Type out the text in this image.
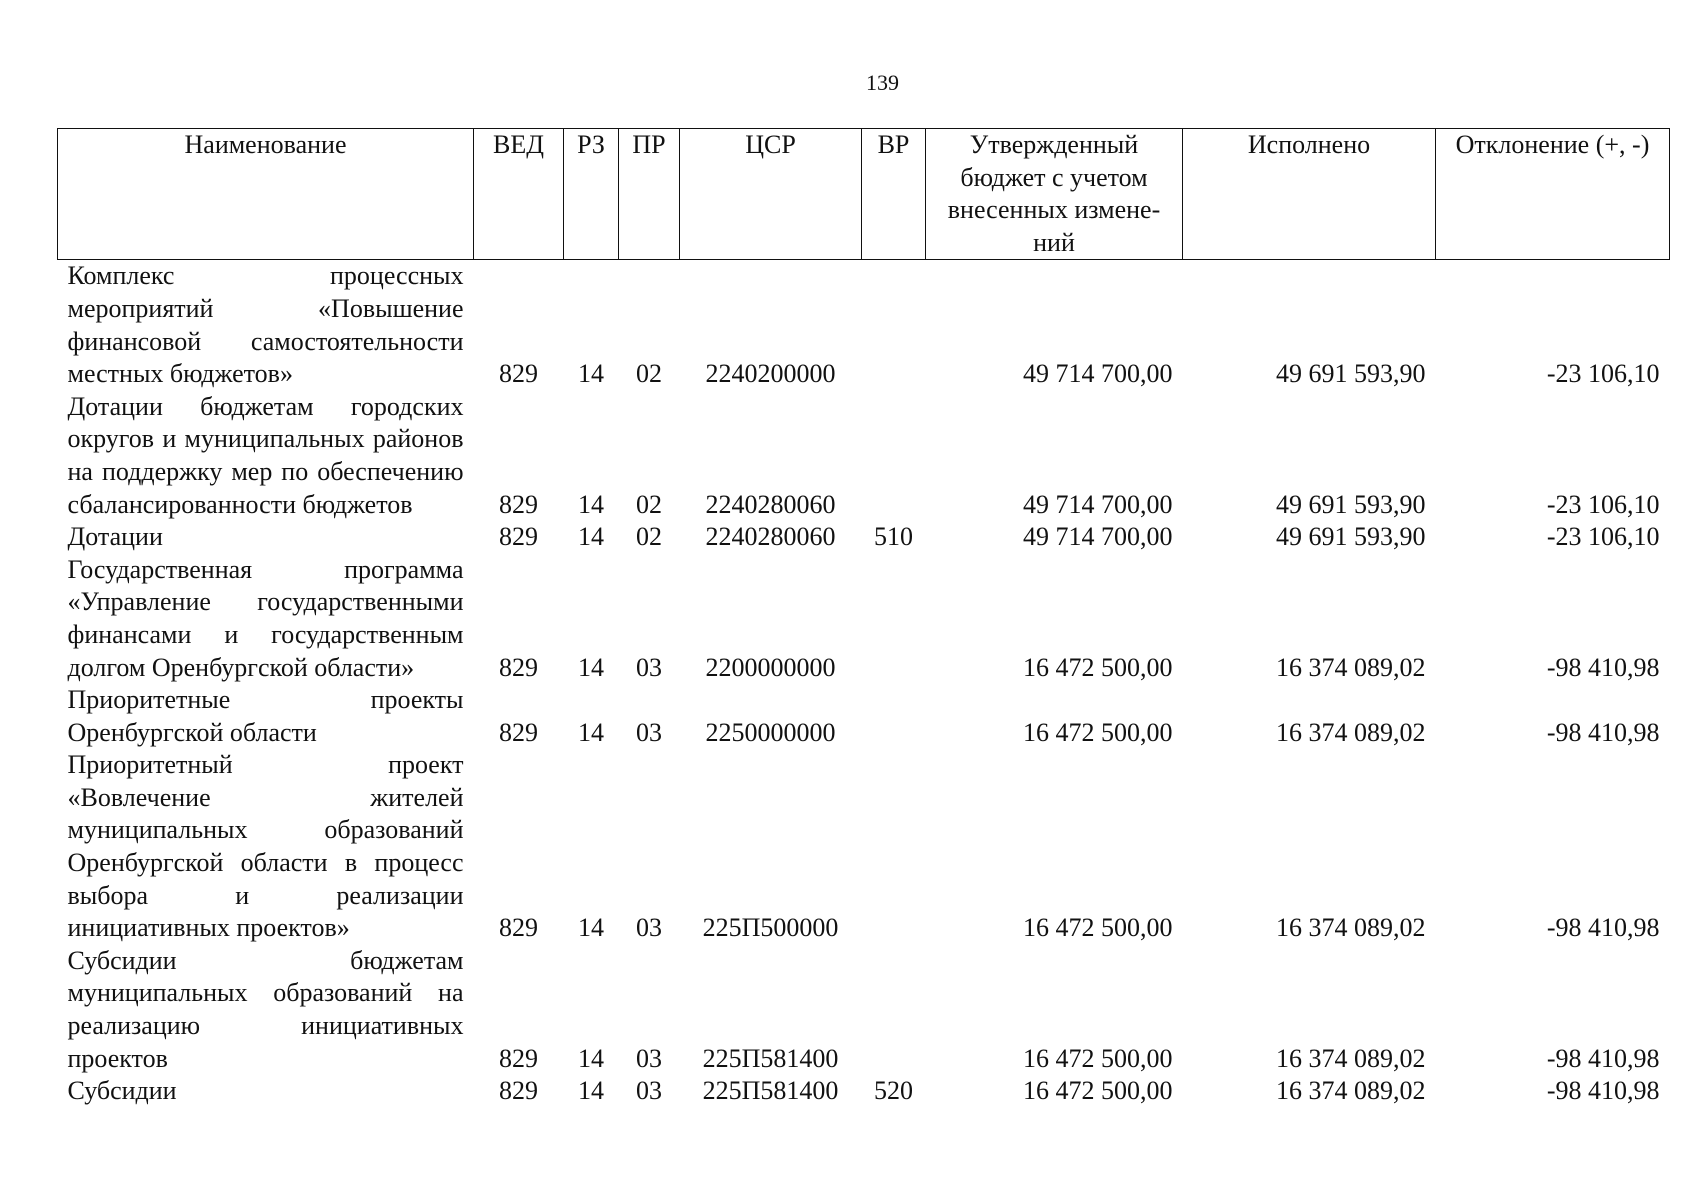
139
Наименование	ВЕД	РЗ	ПР	ЦСР	ВР	Утвержденный бюджет с учетом внесенных измене-ний	Исполнено	Отклонение (+, -)
Комплекс процессных мероприятий «Повышение финансовой самостоятельности местных бюджетов»	829	14	02	2240200000		49 714 700,00	49 691 593,90	-23 106,10
Дотации бюджетам городских округов и муниципальных районов на поддержку мер по обеспечению сбалансированности бюджетов	829	14	02	2240280060		49 714 700,00	49 691 593,90	-23 106,10
Дотации	829	14	02	2240280060	510	49 714 700,00	49 691 593,90	-23 106,10
Государственная программа «Управление государственными финансами и государственным долгом Оренбургской области»	829	14	03	2200000000		16 472 500,00	16 374 089,02	-98 410,98
Приоритетные проекты Оренбургской области	829	14	03	2250000000		16 472 500,00	16 374 089,02	-98 410,98
Приоритетный проект «Вовлечение жителей муниципальных образований Оренбургской области в процесс выбора и реализации инициативных проектов»	829	14	03	225П500000		16 472 500,00	16 374 089,02	-98 410,98
Субсидии бюджетам муниципальных образований на реализацию инициативных проектов	829	14	03	225П581400		16 472 500,00	16 374 089,02	-98 410,98
Субсидии	829	14	03	225П581400	520	16 472 500,00	16 374 089,02	-98 410,98
